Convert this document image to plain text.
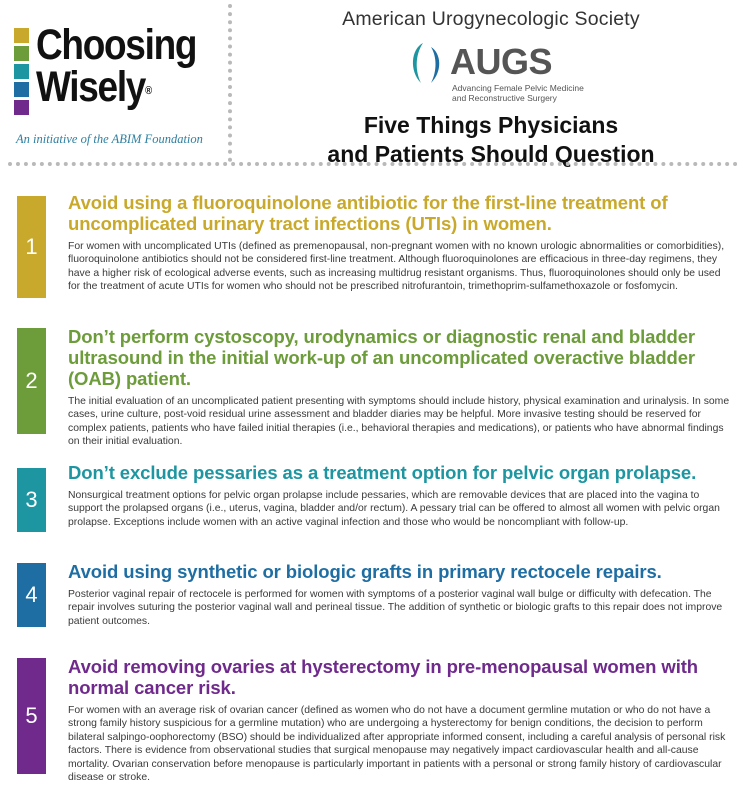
Choosing
Wisely®
An initiative of the ABIM Foundation
American Urogynecologic Society
AUGS
Advancing Female Pelvic Medicine
and Reconstructive Surgery
Five Things Physicians
and Patients Should Question
1
Avoid using a fluoroquinolone antibiotic for the first-line treatment of uncomplicated urinary tract infections (UTIs) in women.
For women with uncomplicated UTIs (defined as premenopausal, non-pregnant women with no known urologic abnormalities or comorbidities), fluoroquinolone antibiotics should not be considered first-line treatment. Although fluoroquinolones are efficacious in three-day regimens, they have a higher risk of ecological adverse events, such as increasing multidrug resistant organisms. Thus, fluoroquinolones should only be used for the treatment of acute UTIs for women who should not be prescribed nitrofurantoin, trimethoprim-sulfamethoxazole or fosfomycin.
2
Don’t perform cystoscopy, urodynamics or diagnostic renal and bladder ultrasound in the initial work-up of an uncomplicated overactive bladder (OAB) patient.
The initial evaluation of an uncomplicated patient presenting with symptoms should include history, physical examination and urinalysis. In some cases, urine culture, post-void residual urine assessment and bladder diaries may be helpful. More invasive testing should be reserved for complex patients, patients who have failed initial therapies (i.e., behavioral therapies and medications), or patients who have abnormal findings on their initial evaluation.
3
Don’t exclude pessaries as a treatment option for pelvic organ prolapse.
Nonsurgical treatment options for pelvic organ prolapse include pessaries, which are removable devices that are placed into the vagina to support the prolapsed organs (i.e., uterus, vagina, bladder and/or rectum). A pessary trial can be offered to almost all women with pelvic organ prolapse. Exceptions include women with an active vaginal infection and those who would be noncompliant with follow-up.
4
Avoid using synthetic or biologic grafts in primary rectocele repairs.
Posterior vaginal repair of rectocele is performed for women with symptoms of a posterior vaginal wall bulge or difficulty with defecation. The repair involves suturing the posterior vaginal wall and perineal tissue. The addition of synthetic or biologic grafts to this repair does not improve patient outcomes.
5
Avoid removing ovaries at hysterectomy in pre-menopausal women with normal cancer risk.
For women with an average risk of ovarian cancer (defined as women who do not have a document germline mutation or who do not have a strong family history suspicious for a germline mutation) who are undergoing a hysterectomy for benign conditions, the decision to perform bilateral salpingo-oophorectomy (BSO) should be individualized after appropriate informed consent, including a careful analysis of personal risk factors. There is evidence from observational studies that surgical menopause may negatively impact cardiovascular health and all-cause mortality. Ovarian conservation before menopause is particularly important in patients with a personal or strong family history of cardiovascular disease or stroke.
